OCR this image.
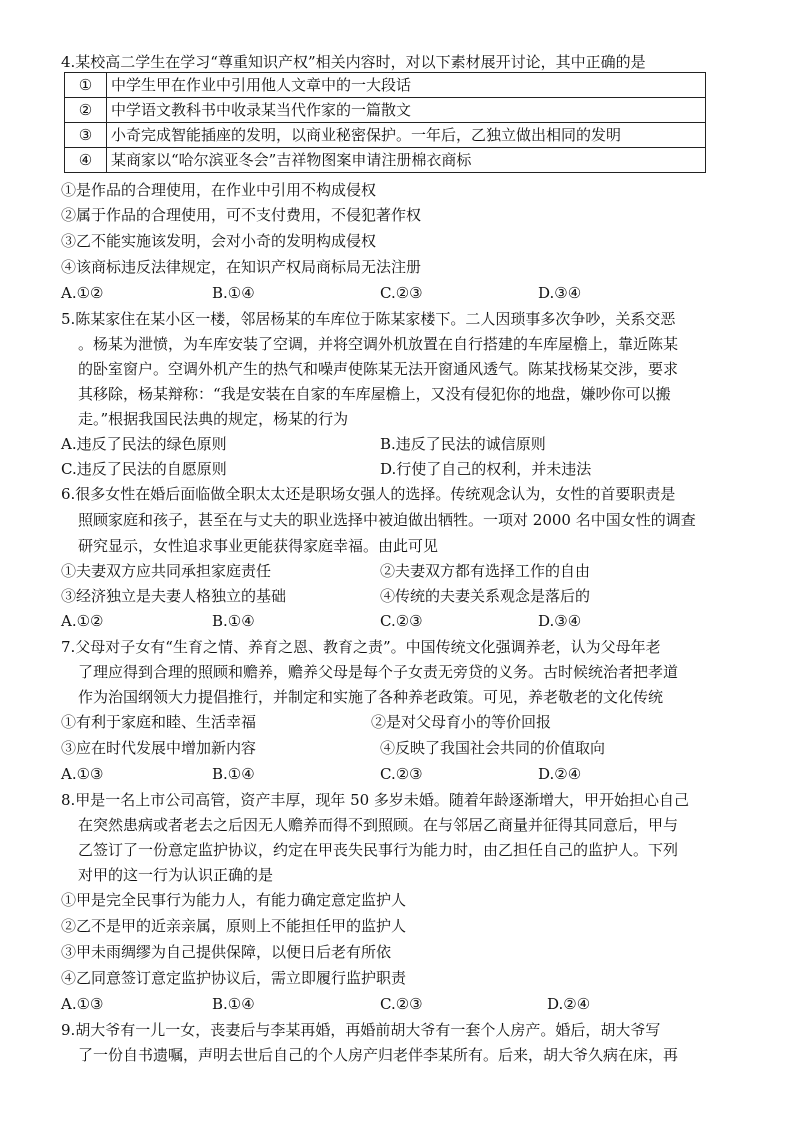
4.某校高二学生在学习“尊重知识产权”相关内容时，对以下素材展开讨论，其中正确的是
①	中学生甲在作业中引用他人文章中的一大段话
②	中学语文教科书中收录某当代作家的一篇散文
③	小奇完成智能插座的发明，以商业秘密保护。一年后，乙独立做出相同的发明
④	某商家以“哈尔滨亚冬会”吉祥物图案申请注册棉衣商标
①是作品的合理使用，在作业中引用不构成侵权
②属于作品的合理使用，可不支付费用，不侵犯著作权
③乙不能实施该发明，会对小奇的发明构成侵权
④该商标违反法律规定，在知识产权局商标局无法注册
A.①②	B.①④	C.②③	D.③④
5.陈某家住在某小区一楼，邻居杨某的车库位于陈某家楼下。二人因琐事多次争吵，关系交恶
。杨某为泄愤，为车库安装了空调，并将空调外机放置在自行搭建的车库屋檐上，靠近陈某
的卧室窗户。空调外机产生的热气和噪声使陈某无法开窗通风透气。陈某找杨某交涉，要求
其移除，杨某辩称：“我是安装在自家的车库屋檐上，又没有侵犯你的地盘，嫌吵你可以搬
走。”根据我国民法典的规定，杨某的行为
A.违反了民法的绿色原则	B.违反了民法的诚信原则
C.违反了民法的自愿原则	D.行使了自己的权利，并未违法
6.很多女性在婚后面临做全职太太还是职场女强人的选择。传统观念认为，女性的首要职责是
照顾家庭和孩子，甚至在与丈夫的职业选择中被迫做出牺牲。一项对 2000 名中国女性的调查
研究显示，女性追求事业更能获得家庭幸福。由此可见
①夫妻双方应共同承担家庭责任	②夫妻双方都有选择工作的自由
③经济独立是夫妻人格独立的基础	④传统的夫妻关系观念是落后的
A.①②	B.①④	C.②③	D.③④
7.父母对子女有“生育之情、养育之恩、教育之责”。中国传统文化强调养老，认为父母年老
了理应得到合理的照顾和赡养，赡养父母是每个子女责无旁贷的义务。古时候统治者把孝道
作为治国纲领大力提倡推行，并制定和实施了各种养老政策。可见，养老敬老的文化传统
①有利于家庭和睦、生活幸福	②是对父母育小的等价回报
③应在时代发展中增加新内容	④反映了我国社会共同的价值取向
A.①③	B.①④	C.②③	D.②④
8.甲是一名上市公司高管，资产丰厚，现年 50 多岁未婚。随着年龄逐渐增大，甲开始担心自己
在突然患病或者老去之后因无人赡养而得不到照顾。在与邻居乙商量并征得其同意后，甲与
乙签订了一份意定监护协议，约定在甲丧失民事行为能力时，由乙担任自己的监护人。下列
对甲的这一行为认识正确的是
①甲是完全民事行为能力人，有能力确定意定监护人
②乙不是甲的近亲亲属，原则上不能担任甲的监护人
③甲未雨绸缪为自己提供保障，以便日后老有所依
④乙同意签订意定监护协议后，需立即履行监护职责
A.①③	B.①④	C.②③	D.②④
9.胡大爷有一儿一女，丧妻后与李某再婚，再婚前胡大爷有一套个人房产。婚后，胡大爷写
了一份自书遗嘱，声明去世后自己的个人房产归老伴李某所有。后来，胡大爷久病在床，再
